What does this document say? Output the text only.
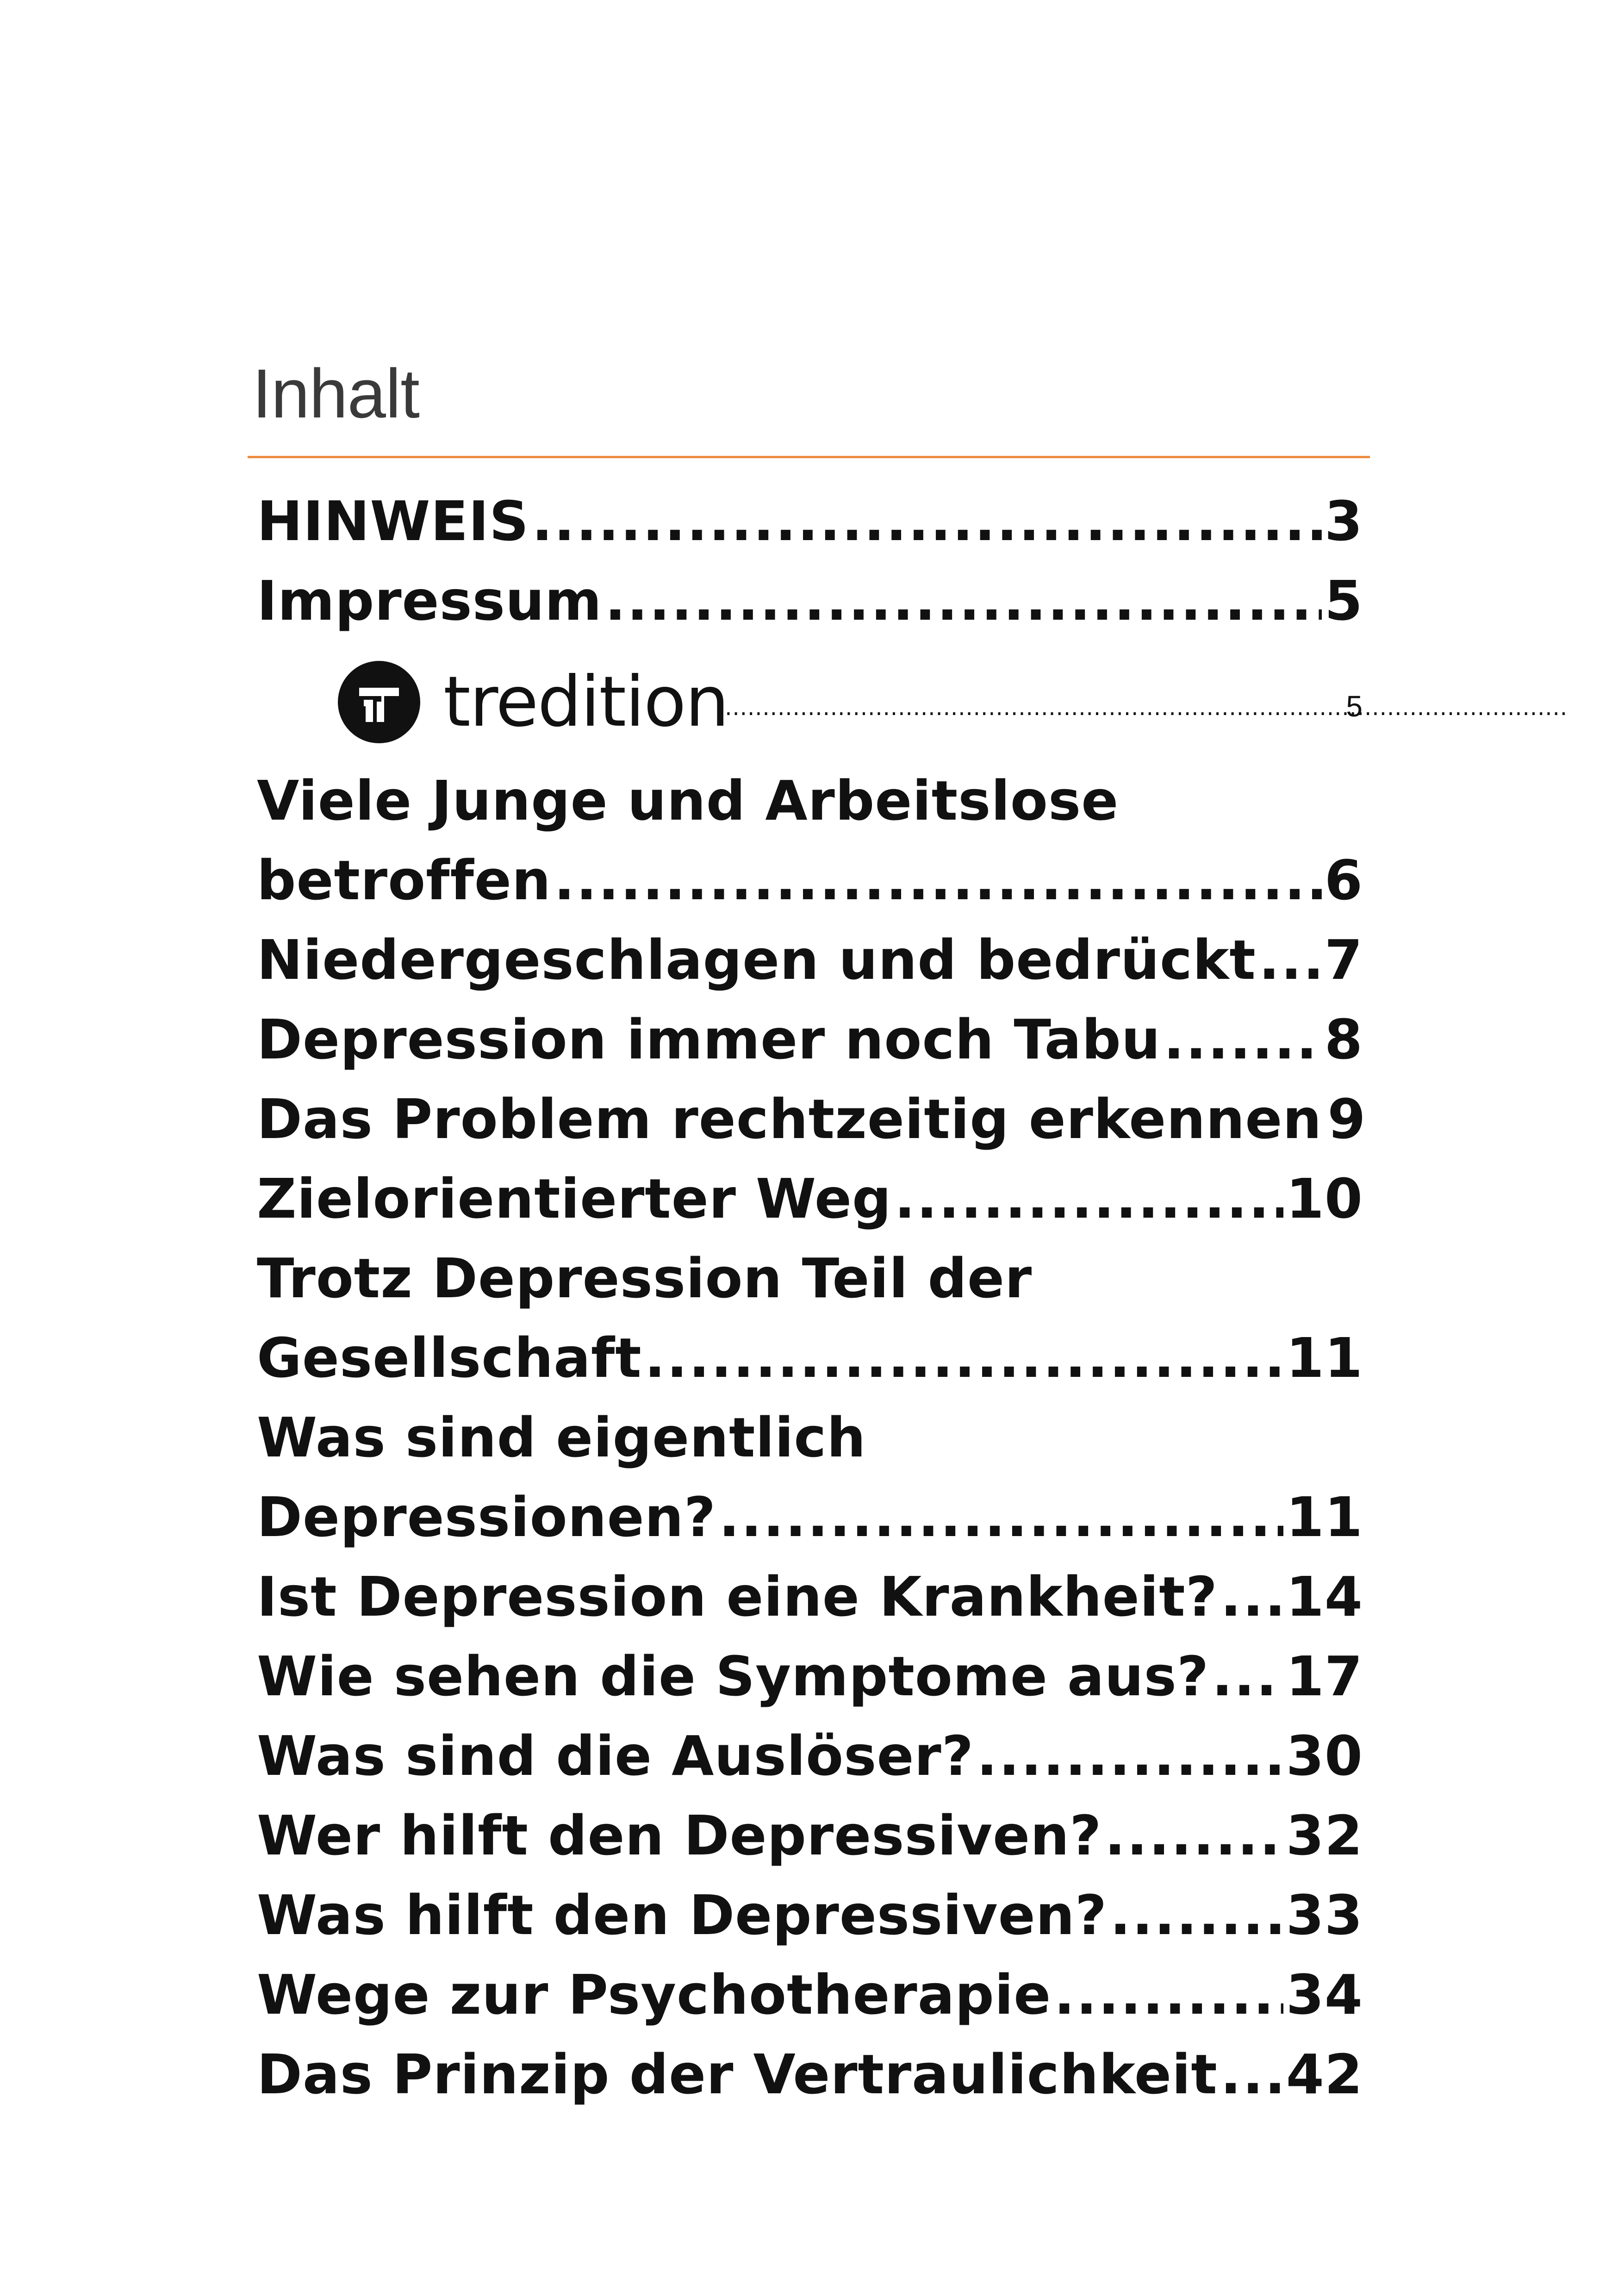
Inhalt
HINWEIS .....	3
Impressum .....	5
tredition .....	5
Viele Junge und Arbeitslose
betroffen .....	6
Niedergeschlagen und bedrückt ..... 7
Depression immer noch Tabu .....	8
Das Problem rechtzeitig erkennen 9
Zielorientierter Weg .....	10
Trotz Depression Teil der
Gesellschaft .....	11
Was sind eigentlich
Depressionen? .....	11
Ist Depression eine Krankheit? ..... 14
Wie sehen die Symptome aus? ..... 17
Was sind die Auslöser? .....	30
Wer hilft den Depressiven? .....	32
Was hilft den Depressiven? .....	33
Wege zur Psychotherapie .....	34
Das Prinzip der Vertraulichkeit ..... 42
